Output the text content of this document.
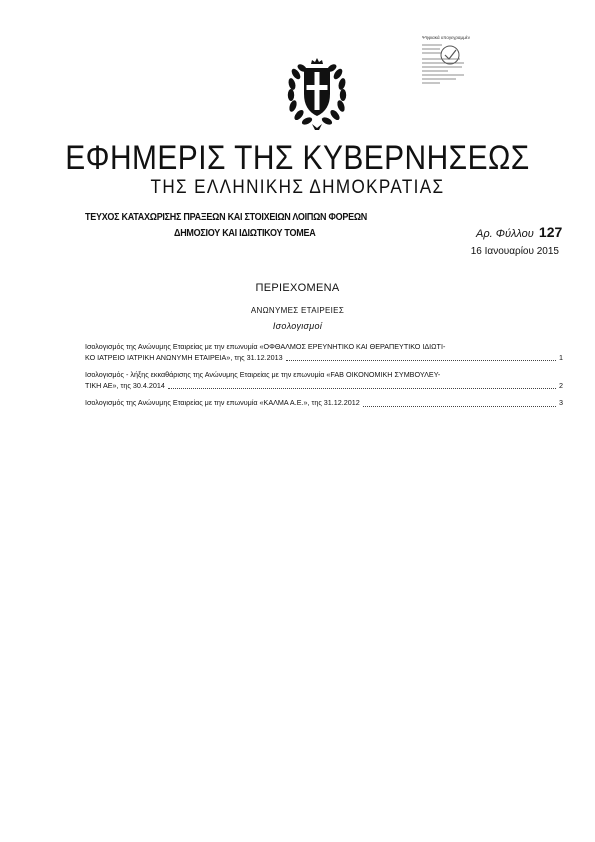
Ψηφιακά υπογεγραμμένο
ΕΦΗΜΕΡΙΣ ΤΗΣ ΚΥΒΕΡΝΗΣΕΩΣ
ΤΗΣ ΕΛΛΗΝΙΚΗΣ ΔΗΜΟΚΡΑΤΙΑΣ
ΤΕΥΧΟΣ ΚΑΤΑΧΩΡΙΣΗΣ ΠΡΑΞΕΩΝ ΚΑΙ ΣΤΟΙΧΕΙΩΝ ΛΟΙΠΩΝ ΦΟΡΕΩΝ
ΔΗΜΟΣΙΟΥ ΚΑΙ ΙΔΙΩΤΙΚΟΥ ΤΟΜΕΑ	Αρ. Φύλλου 127
16 Ιανουαρίου 2015
ΠΕΡΙΕΧΟΜΕΝΑ
ΑΝΩΝΥΜΕΣ ΕΤΑΙΡΕΙΕΣ
Ισολογισμοί
Ισολογισμός της Ανώνυμης Εταιρείας με την επωνυμία «ΟΦΘΑΛΜΟΣ ΕΡΕΥΝΗΤΙΚΟ ΚΑΙ ΘΕΡΑΠΕΥΤΙΚΟ ΙΔΙΩΤΙ-
ΚΟ ΙΑΤΡΕΙΟ ΙΑΤΡΙΚΗ ΑΝΩΝΥΜΗ ΕΤΑΙΡΕΙΑ», της 31.12.2013	1
Ισολογισμός - λήξης εκκαθάρισης της Ανώνυμης Εταιρείας με την επωνυμία «FAB ΟΙΚΟΝΟΜΙΚΗ ΣΥΜΒΟΥΛΕΥ-
ΤΙΚΗ ΑΕ», της 30.4.2014	2
Ισολογισμός της Ανώνυμης Εταιρείας με την επωνυμία «ΚΑΛΜΑ Α.Ε.», της 31.12.2012	3
